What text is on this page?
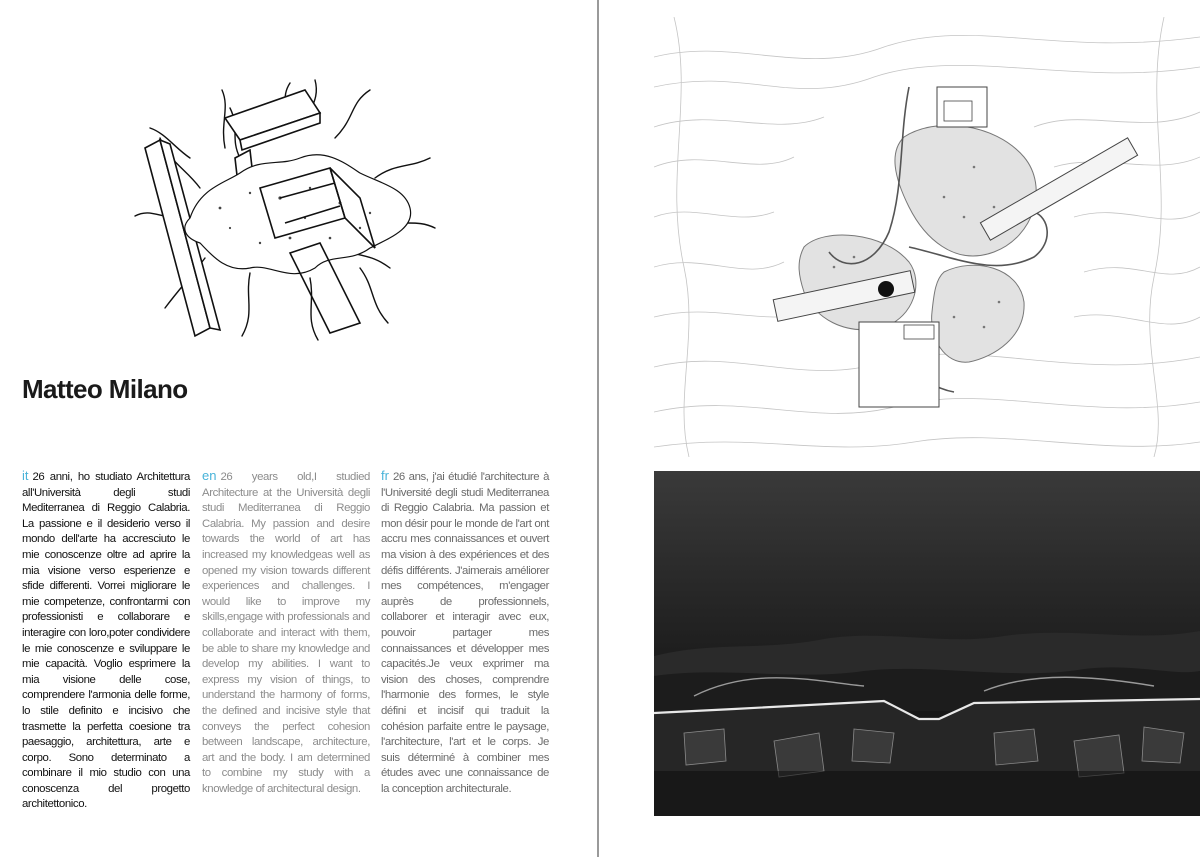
Matteo Milano
it 26 anni, ho studiato Architettura all'Università degli studi Mediterranea di Reggio Calabria. La passione e il desiderio verso il mondo dell'arte ha accresciuto le mie conoscenze oltre ad aprire la mia visione verso esperienze e sfide differenti. Vorrei migliorare le mie competenze, confrontarmi con professionisti e collaborare e interagire con loro,poter condividere le mie conoscenze e sviluppare le mie capacità. Voglio esprimere la mia visione delle cose, comprendere l'armonia delle forme, lo stile definito e incisivo che trasmette la perfetta coesione tra paesaggio, architettura, arte e corpo. Sono determinato a combinare il mio studio con una conoscenza del progetto architettonico.
en 26 years old,I studied Architecture at the Università degli studi Mediterranea di Reggio Calabria. My passion and desire towards the world of art has increased my knowledgeas well as opened my vision towards different experiences and challenges. I would like to improve my skills,engage with professionals and collaborate and interact with them, be able to share my knowledge and develop my abilities. I want to express my vision of things, to understand the harmony of forms, the defined and incisive style that conveys the perfect cohesion between landscape, architecture, art and the body. I am determined to combine my study with a knowledge of architectural design.
fr 26 ans, j'ai étudié l'architecture à l'Université degli studi Mediterranea di Reggio Calabria. Ma passion et mon désir pour le monde de l'art ont accru mes connaissances et ouvert ma vision à des expériences et des défis différents. J'aimerais améliorer mes compétences, m'engager auprès de professionnels, collaborer et interagir avec eux, pouvoir partager mes connaissances et développer mes capacités.Je veux exprimer ma vision des choses, comprendre l'harmonie des formes, le style défini et incisif qui traduit la cohésion parfaite entre le paysage, l'architecture, l'art et le corps. Je suis déterminé à combiner mes études avec une connaissance de la conception architecturale.
